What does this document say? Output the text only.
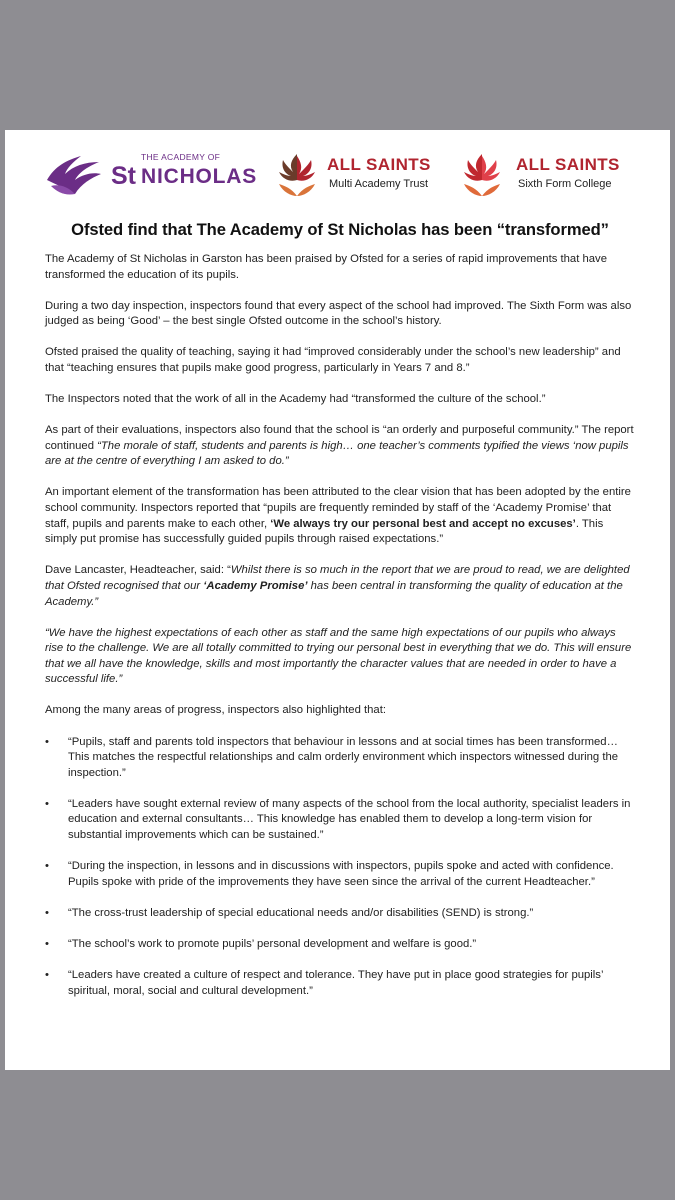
THE ACADEMY OF
St NICHOLAS
ALL SAINTS
Multi Academy Trust
ALL SAINTS
Sixth Form College
Ofsted find that The Academy of St Nicholas has been “transformed”

The Academy of St Nicholas in Garston has been praised by Ofsted for a series of rapid improvements that have transformed the education of its pupils.

During a two day inspection, inspectors found that every aspect of the school had improved. The Sixth Form was also judged as being ‘Good’ – the best single Ofsted outcome in the school’s history.

Ofsted praised the quality of teaching, saying it had “improved considerably under the school’s new leadership” and that “teaching ensures that pupils make good progress, particularly in Years 7 and 8.”

The Inspectors noted that the work of all in the Academy had “transformed the culture of the school.”

As part of their evaluations, inspectors also found that the school is “an orderly and purposeful community.” The report continued “The morale of staff, students and parents is high… one teacher’s comments typified the views ‘now pupils are at the centre of everything I am asked to do.”

An important element of the transformation has been attributed to the clear vision that has been adopted by the entire school community. Inspectors reported that “pupils are frequently reminded by staff of the ‘Academy Promise’ that staff, pupils and parents make to each other, ‘We always try our personal best and accept no excuses’. This simply put promise has successfully guided pupils through raised expectations.”

Dave Lancaster, Headteacher, said: “Whilst there is so much in the report that we are proud to read, we are delighted that Ofsted recognised that our ‘Academy Promise’ has been central in transforming the quality of education at the Academy.”

“We have the highest expectations of each other as staff and the same high expectations of our pupils who always rise to the challenge. We are all totally committed to trying our personal best in everything that we do. This will ensure that we all have the knowledge, skills and most importantly the character values that are needed in order to have a successful life.”

Among the many areas of progress, inspectors also highlighted that:

• “Pupils, staff and parents told inspectors that behaviour in lessons and at social times has been transformed… This matches the respectful relationships and calm orderly environment which inspectors witnessed during the inspection.”
• “Leaders have sought external review of many aspects of the school from the local authority, specialist leaders in education and external consultants… This knowledge has enabled them to develop a long-term vision for substantial improvements which can be sustained.”
• “During the inspection, in lessons and in discussions with inspectors, pupils spoke and acted with confidence. Pupils spoke with pride of the improvements they have seen since the arrival of the current Headteacher.”
• “The cross-trust leadership of special educational needs and/or disabilities (SEND) is strong.”
• “The school’s work to promote pupils’ personal development and welfare is good.”
• “Leaders have created a culture of respect and tolerance. They have put in place good strategies for pupils’ spiritual, moral, social and cultural development.”
